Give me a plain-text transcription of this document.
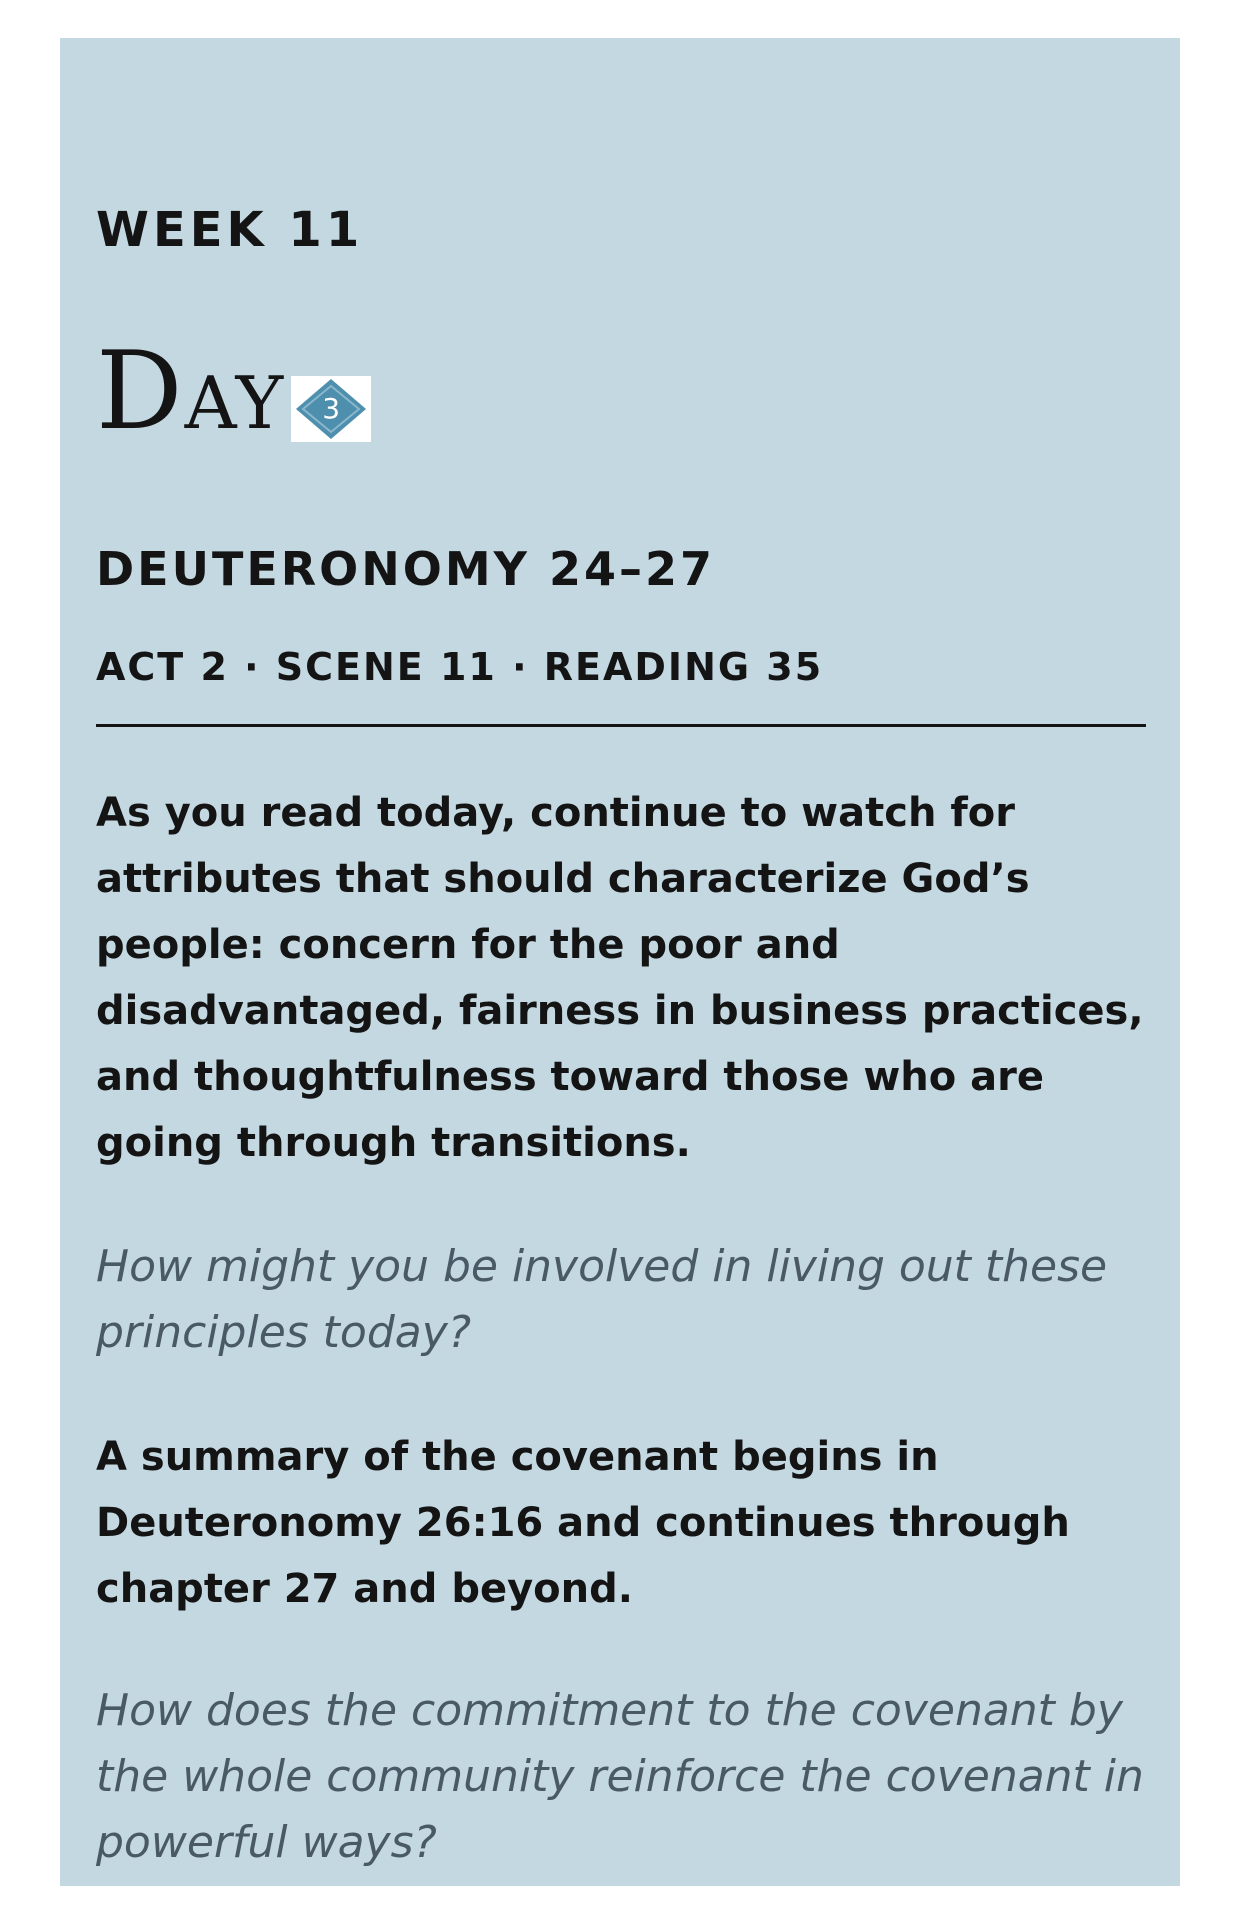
WEEK 11

DAY	3
DEUTERONOMY 24–27

ACT 2 · SCENE 11 · READING 35

As you read today, continue to watch for attributes that should characterize God’s people: concern for the poor and disadvantaged, fairness in business practices, and thoughtfulness toward those who are going through transitions.

How might you be involved in living out these principles today?

A summary of the covenant begins in Deuteronomy 26:16 and continues through chapter 27 and beyond.

How does the commitment to the covenant by the whole community reinforce the covenant in powerful ways?
